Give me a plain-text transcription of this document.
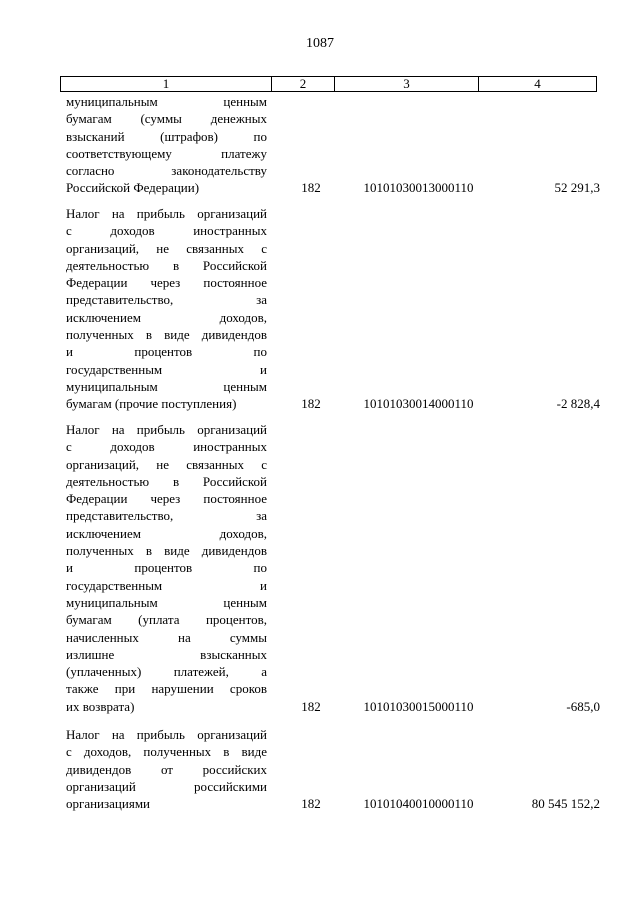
1087
1	2	3	4
муниципальным ценным
бумагам (суммы денежных
взысканий (штрафов) по
соответствующему платежу
согласно законодательству
Российской Федерации)	182	10101030013000110	52 291,3
Налог на прибыль организаций
с доходов иностранных
организаций, не связанных с
деятельностью в Российской
Федерации через постоянное
представительство, за
исключением доходов,
полученных в виде дивидендов
и процентов по
государственным и
муниципальным ценным
бумагам (прочие поступления)	182	10101030014000110	-2 828,4
Налог на прибыль организаций
с доходов иностранных
организаций, не связанных с
деятельностью в Российской
Федерации через постоянное
представительство, за
исключением доходов,
полученных в виде дивидендов
и процентов по
государственным и
муниципальным ценным
бумагам (уплата процентов,
начисленных на суммы
излишне взысканных
(уплаченных) платежей, а
также при нарушении сроков
их возврата)	182	10101030015000110	-685,0
Налог на прибыль организаций
с доходов, полученных в виде
дивидендов от российских
организаций российскими
организациями	182	10101040010000110	80 545 152,2
